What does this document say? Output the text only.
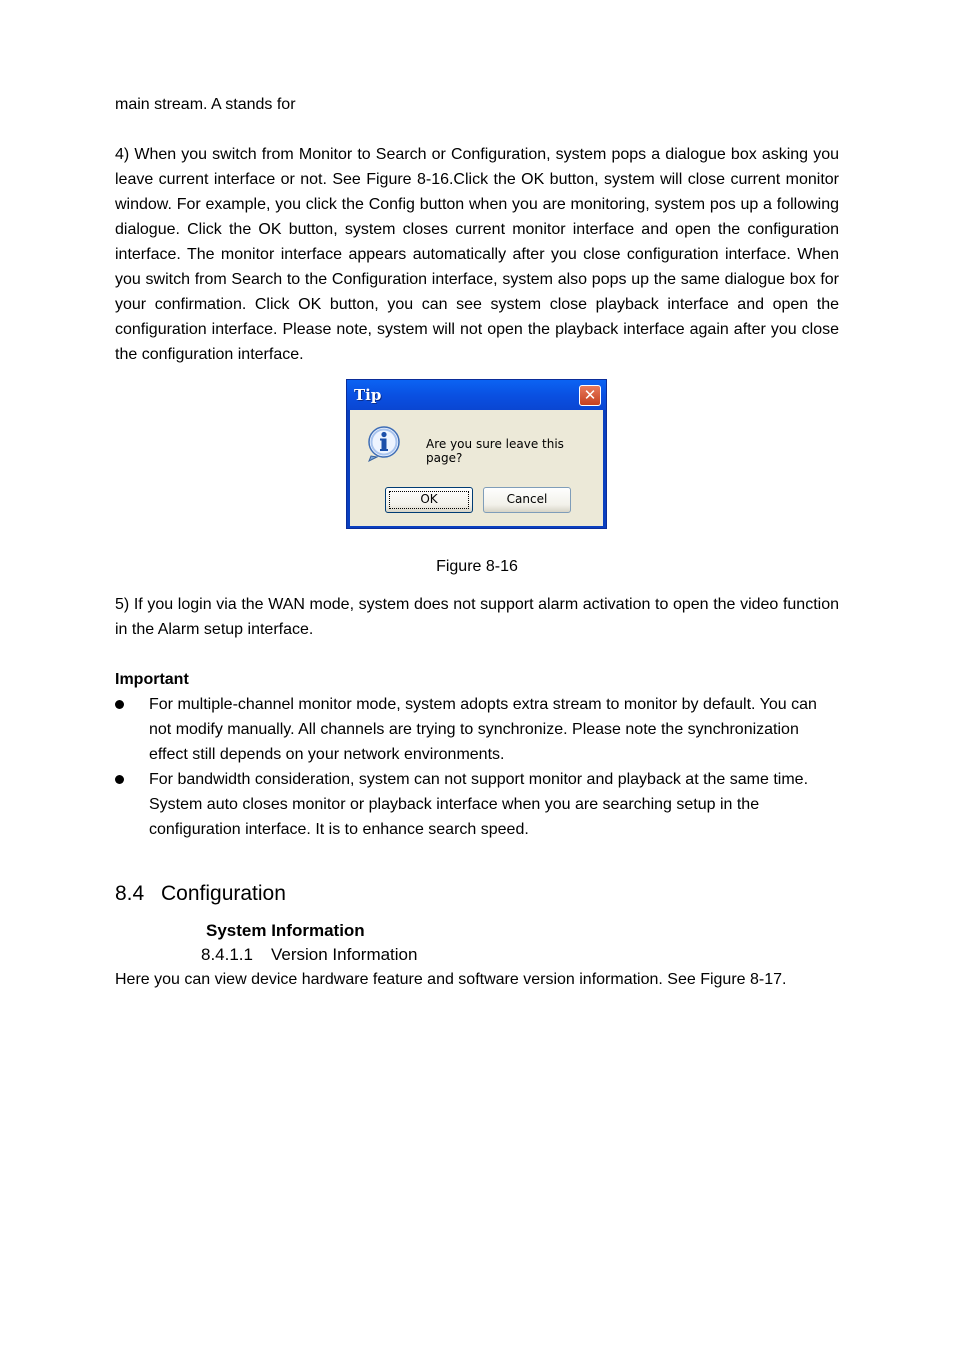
main stream. A stands for
4) When you switch from Monitor to Search or Configuration, system pops a dialogue box asking you leave current interface or not. See Figure 8-16.Click the OK button, system will close current monitor window. For example, you click the Config button when you are monitoring, system pos up a following dialogue. Click the OK button, system closes current monitor interface and open the configuration interface. The monitor interface appears automatically after you close configuration interface. When you switch from Search to the Configuration interface, system also pops up the same dialogue box for your confirmation. Click OK button, you can see system close playback interface and open the configuration interface. Please note, system will not open the playback interface again after you close the configuration interface.
Tip	✕
Are you sure leave this page?
OK	Cancel
Figure 8-16
5) If you login via the WAN mode, system does not support alarm activation to open the video function in the Alarm setup interface.
Important
For multiple-channel monitor mode, system adopts extra stream to monitor by default. You can not modify manually. All channels are trying to synchronize. Please note the synchronization effect still depends on your network environments.
For bandwidth consideration, system can not support monitor and playback at the same time. System auto closes monitor or playback interface when you are searching setup in the configuration interface. It is to enhance search speed.
8.4 Configuration
System Information
8.4.1.1 Version Information
Here you can view device hardware feature and software version information. See Figure 8-17.
